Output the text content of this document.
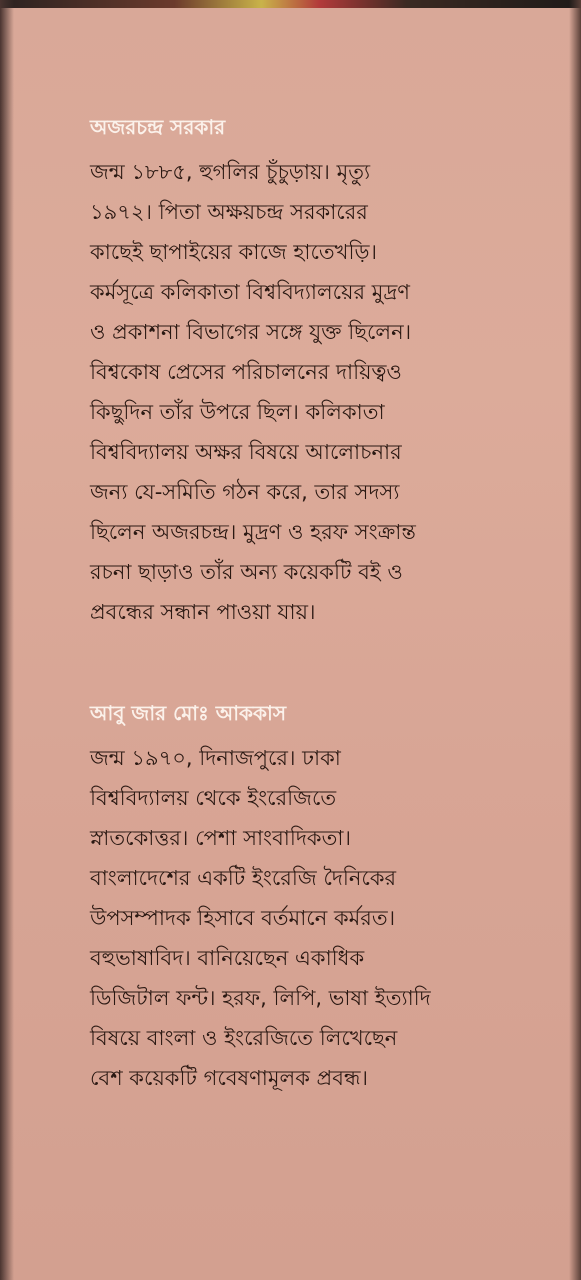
অজরচন্দ্র সরকার

জন্ম ১৮৮৫, হুগলির চুঁচুড়ায়। মৃত্যু
১৯৭২। পিতা অক্ষয়চন্দ্র সরকারের
কাছেই ছাপাইয়ের কাজে হাতেখড়ি।
কর্মসূত্রে কলিকাতা বিশ্ববিদ্যালয়ের মুদ্রণ
ও প্রকাশনা বিভাগের সঙ্গে যুক্ত ছিলেন।
বিশ্বকোষ প্রেসের পরিচালনের দায়িত্বও
কিছুদিন তাঁর উপরে ছিল। কলিকাতা
বিশ্ববিদ্যালয় অক্ষর বিষয়ে আলোচনার
জন্য যে-সমিতি গঠন করে, তার সদস্য
ছিলেন অজরচন্দ্র। মুদ্রণ ও হরফ সংক্রান্ত
রচনা ছাড়াও তাঁর অন্য কয়েকটি বই ও
প্রবন্ধের সন্ধান পাওয়া যায়।

আবু জার মোঃ আককাস

জন্ম ১৯৭০, দিনাজপুরে। ঢাকা
বিশ্ববিদ্যালয় থেকে ইংরেজিতে
স্নাতকোত্তর। পেশা সাংবাদিকতা।
বাংলাদেশের একটি ইংরেজি দৈনিকের
উপসম্পাদক হিসাবে বর্তমানে কর্মরত।
বহুভাষাবিদ। বানিয়েছেন একাধিক
ডিজিটাল ফন্ট। হরফ, লিপি, ভাষা ইত্যাদি
বিষয়ে বাংলা ও ইংরেজিতে লিখেছেন
বেশ কয়েকটি গবেষণামূলক প্রবন্ধ।
